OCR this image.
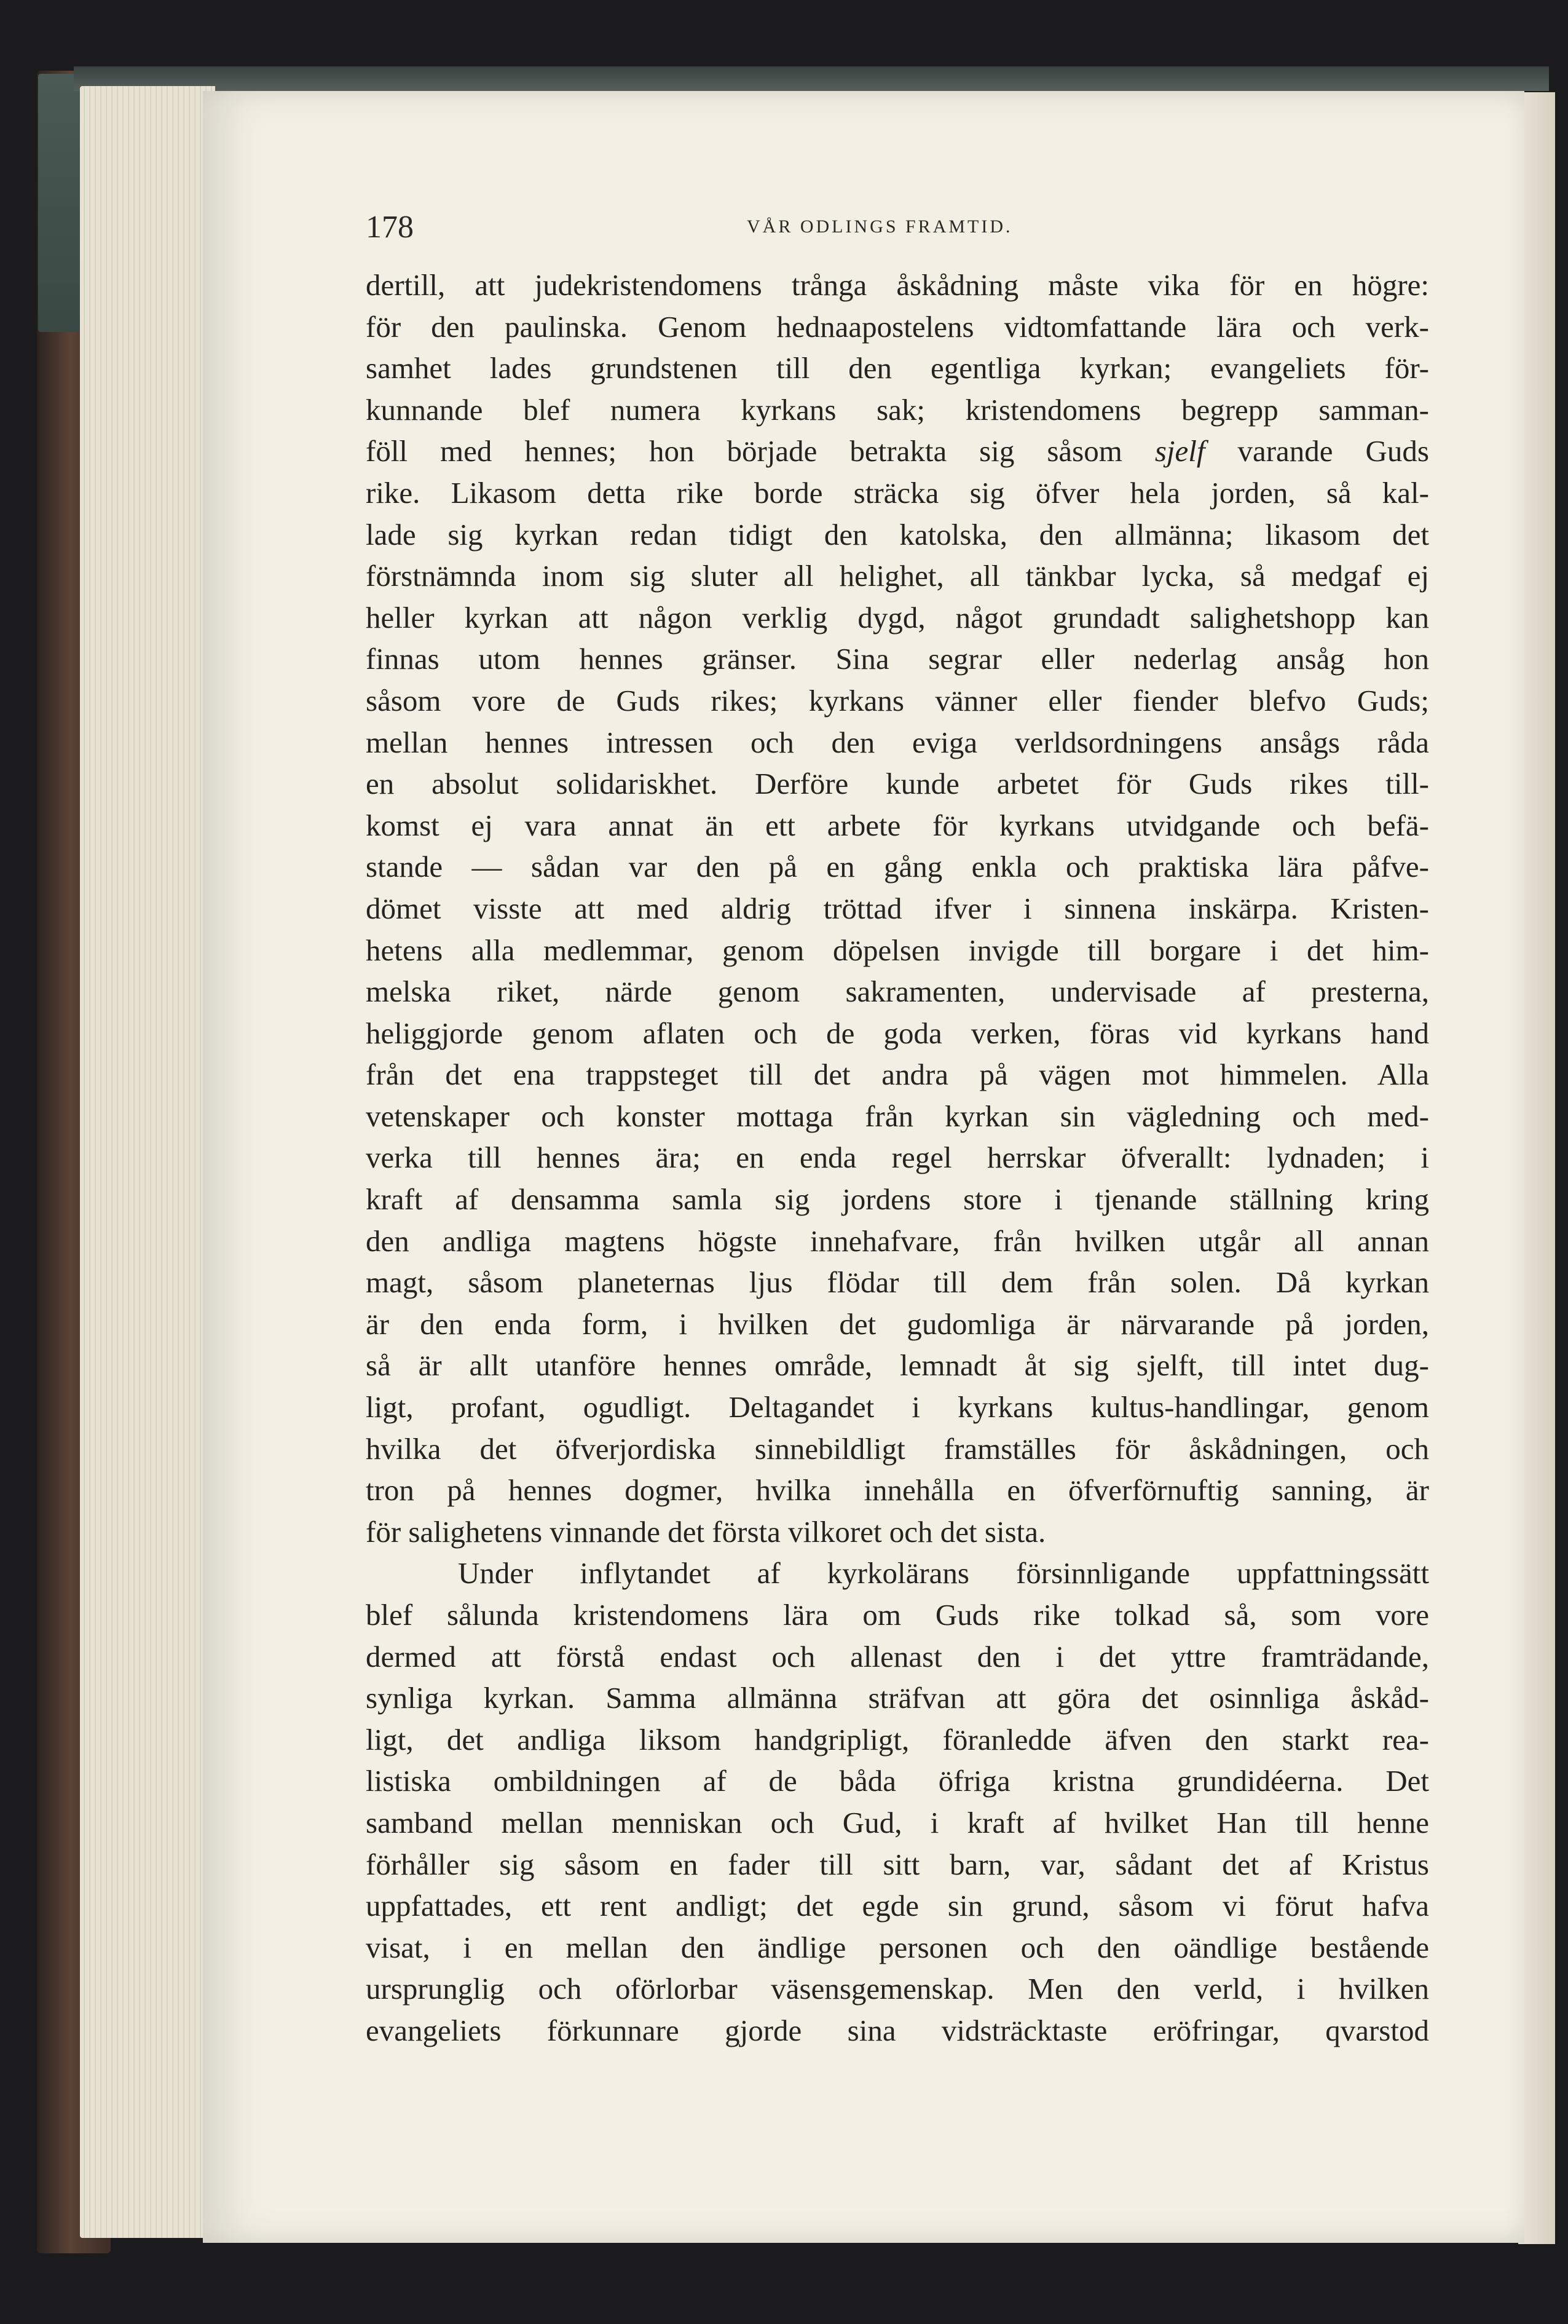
178	VÅR ODLINGS FRAMTID.
dertill, att judekristendomens trånga åskådning måste vika för en högre:
för den paulinska. Genom hednaapostelens vidtomfattande lära och verk-
samhet lades grundstenen till den egentliga kyrkan; evangeliets för-
kunnande blef numera kyrkans sak; kristendomens begrepp samman-
föll med hennes; hon började betrakta sig såsom sjelf varande Guds
rike. Likasom detta rike borde sträcka sig öfver hela jorden, så kal-
lade sig kyrkan redan tidigt den katolska, den allmänna; likasom det
förstnämnda inom sig sluter all helighet, all tänkbar lycka, så medgaf ej
heller kyrkan att någon verklig dygd, något grundadt salighetshopp kan
finnas utom hennes gränser. Sina segrar eller nederlag ansåg hon
såsom vore de Guds rikes; kyrkans vänner eller fiender blefvo Guds;
mellan hennes intressen och den eviga verldsordningens ansågs råda
en absolut solidariskhet. Derföre kunde arbetet för Guds rikes till-
komst ej vara annat än ett arbete för kyrkans utvidgande och befä-
stande — sådan var den på en gång enkla och praktiska lära påfve-
dömet visste att med aldrig tröttad ifver i sinnena inskärpa. Kristen-
hetens alla medlemmar, genom döpelsen invigde till borgare i det him-
melska riket, närde genom sakramenten, undervisade af presterna,
heliggjorde genom aflaten och de goda verken, föras vid kyrkans hand
från det ena trappsteget till det andra på vägen mot himmelen. Alla
vetenskaper och konster mottaga från kyrkan sin vägledning och med-
verka till hennes ära; en enda regel herrskar öfverallt: lydnaden; i
kraft af densamma samla sig jordens store i tjenande ställning kring
den andliga magtens högste innehafvare, från hvilken utgår all annan
magt, såsom planeternas ljus flödar till dem från solen. Då kyrkan
är den enda form, i hvilken det gudomliga är närvarande på jorden,
så är allt utanföre hennes område, lemnadt åt sig sjelft, till intet dug-
ligt, profant, ogudligt. Deltagandet i kyrkans kultus-handlingar, genom
hvilka det öfverjordiska sinnebildligt framställes för åskådningen, och
tron på hennes dogmer, hvilka innehålla en öfverförnuftig sanning, är
för salighetens vinnande det första vilkoret och det sista.
Under inflytandet af kyrkolärans försinnligande uppfattningssätt
blef sålunda kristendomens lära om Guds rike tolkad så, som vore
dermed att förstå endast och allenast den i det yttre framträdande,
synliga kyrkan. Samma allmänna sträfvan att göra det osinnliga åskåd-
ligt, det andliga liksom handgripligt, föranledde äfven den starkt rea-
listiska ombildningen af de båda öfriga kristna grundidéerna. Det
samband mellan menniskan och Gud, i kraft af hvilket Han till henne
förhåller sig såsom en fader till sitt barn, var, sådant det af Kristus
uppfattades, ett rent andligt; det egde sin grund, såsom vi förut hafva
visat, i en mellan den ändlige personen och den oändlige bestående
ursprunglig och oförlorbar väsensgemenskap. Men den verld, i hvilken
evangeliets förkunnare gjorde sina vidsträcktaste eröfringar, qvarstod
